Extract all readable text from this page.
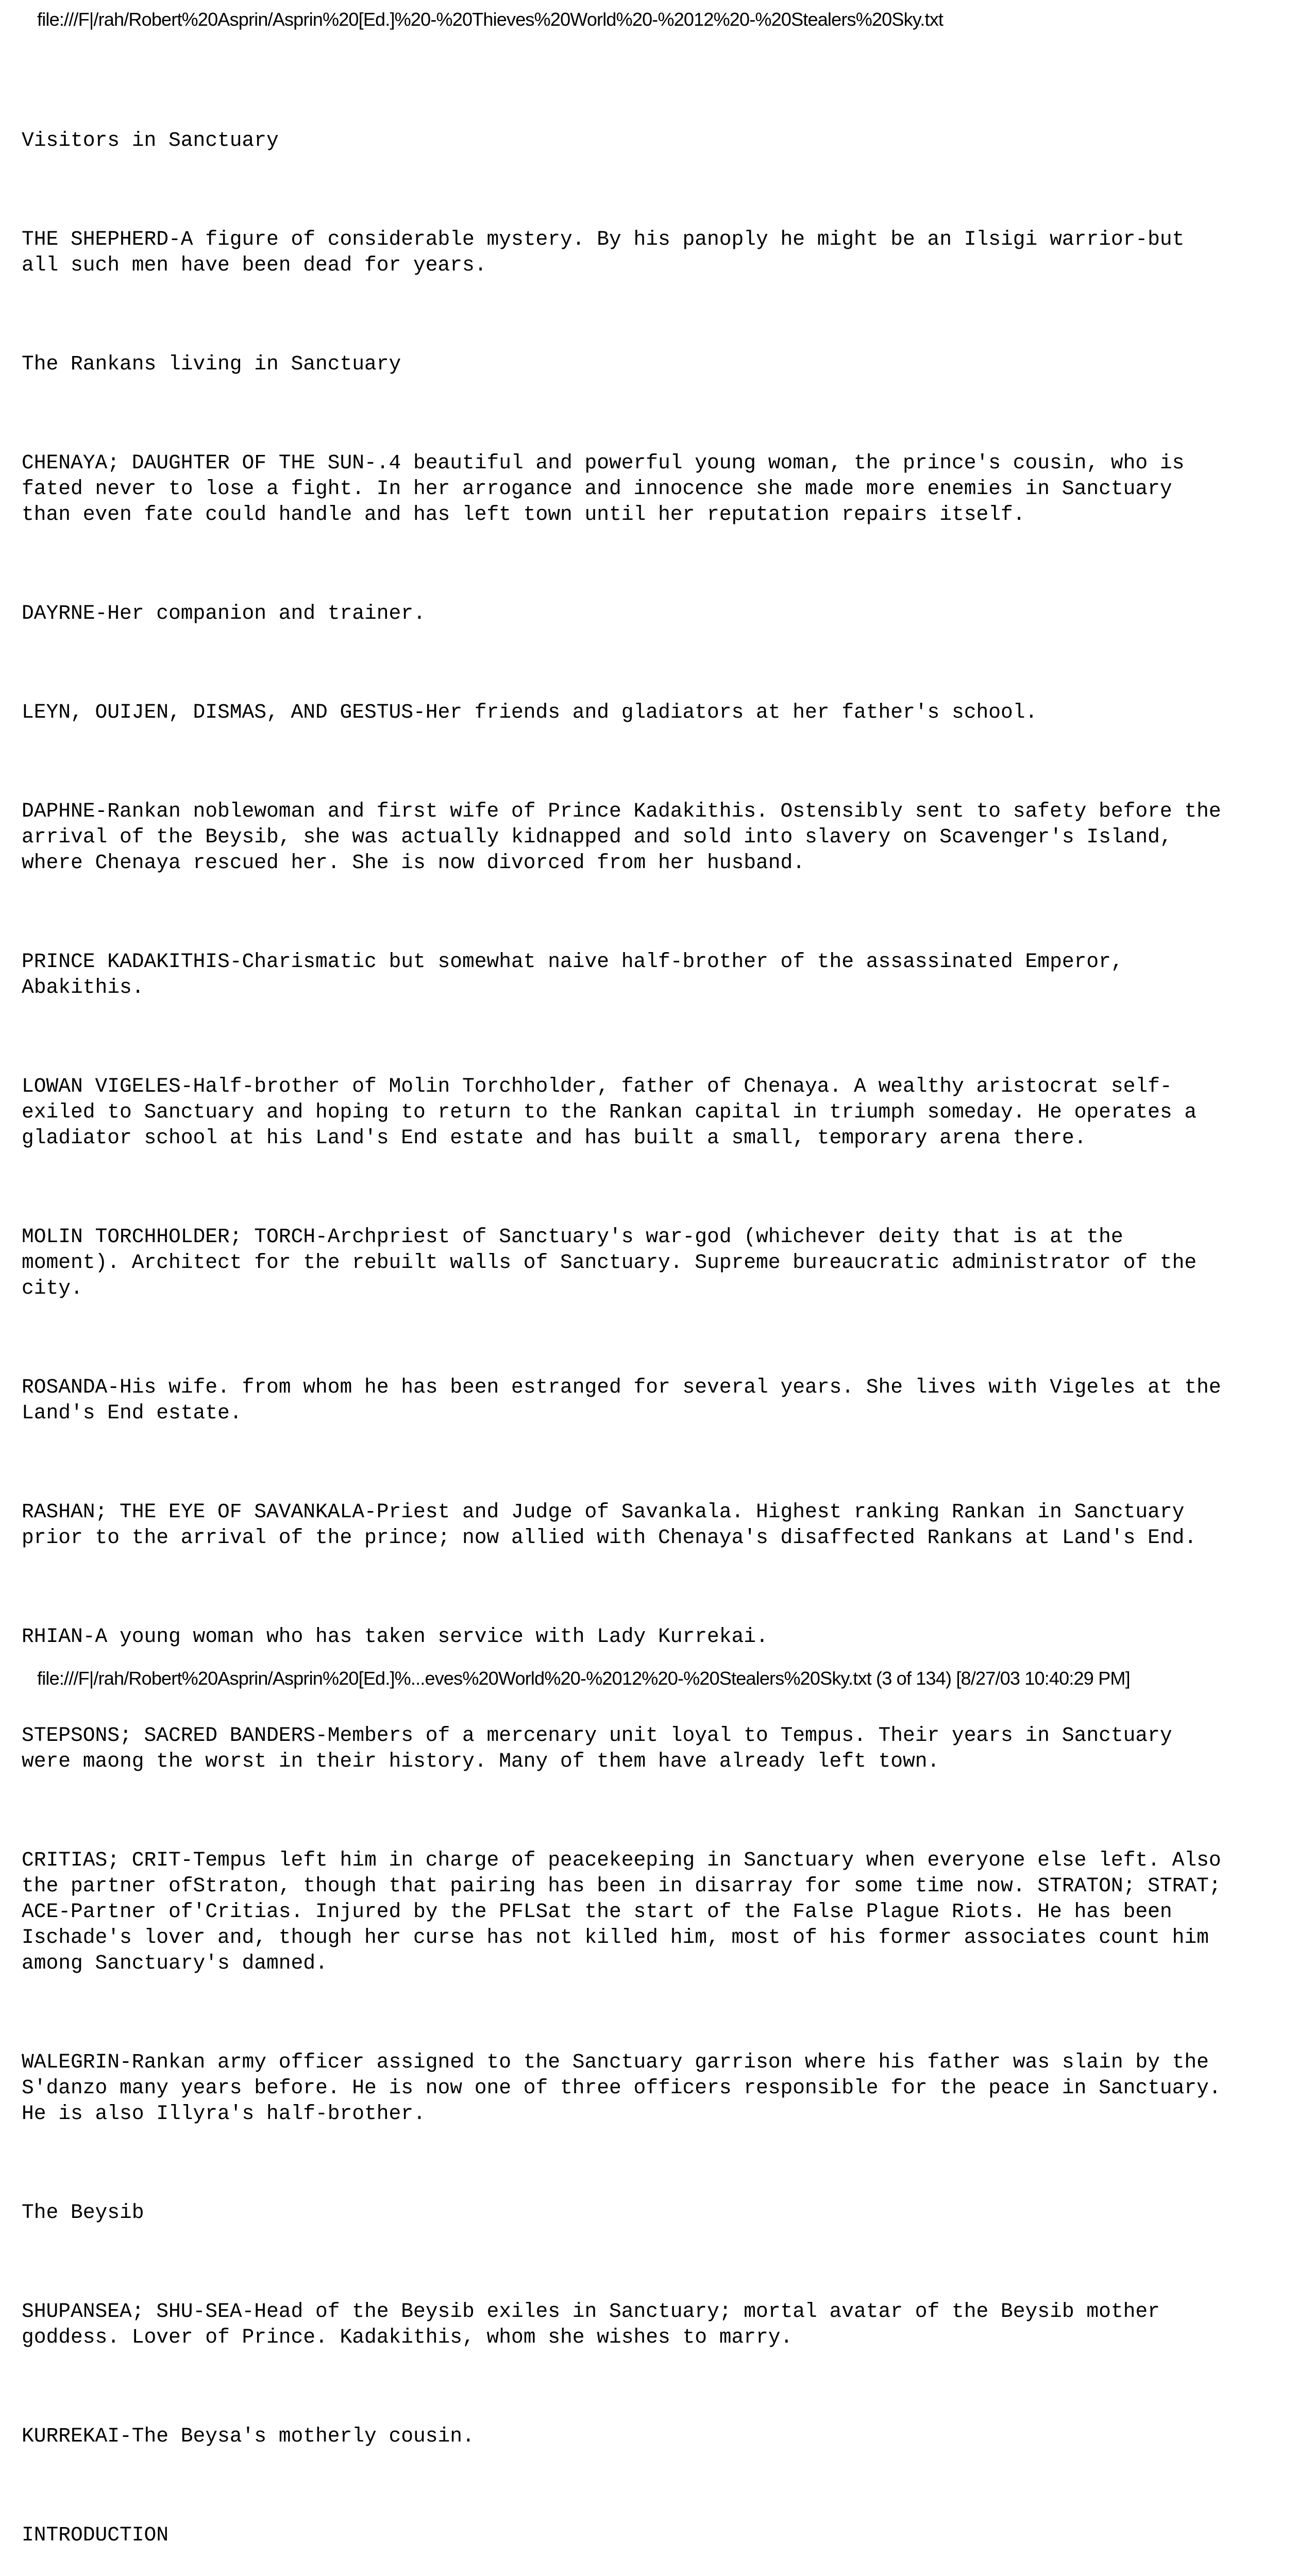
file:///F|/rah/Robert%20Asprin/Asprin%20[Ed.]%20-%20Thieves%20World%20-%2012%20-%20Stealers%20Sky.txt

Visitors in Sanctuary

THE SHEPHERD-A figure of considerable mystery. By his panoply he might be an Ilsigi warrior-but
all such men have been dead for years.

The Rankans living in Sanctuary

CHENAYA; DAUGHTER OF THE SUN-.4 beautiful and powerful young woman, the prince's cousin, who is
fated never to lose a fight. In her arrogance and innocence she made more enemies in Sanctuary
than even fate could handle and has left town until her reputation repairs itself.

DAYRNE-Her companion and trainer.

LEYN, OUIJEN, DISMAS, AND GESTUS-Her friends and gladiators at her father's school.

DAPHNE-Rankan noblewoman and first wife of Prince Kadakithis. Ostensibly sent to safety before the
arrival of the Beysib, she was actually kidnapped and sold into slavery on Scavenger's Island,
where Chenaya rescued her. She is now divorced from her husband.

PRINCE KADAKITHIS-Charismatic but somewhat naive half-brother of the assassinated Emperor,
Abakithis.

LOWAN VIGELES-Half-brother of Molin Torchholder, father of Chenaya. A wealthy aristocrat self-
exiled to Sanctuary and hoping to return to the Rankan capital in triumph someday. He operates a
gladiator school at his Land's End estate and has built a small, temporary arena there.

MOLIN TORCHHOLDER; TORCH-Archpriest of Sanctuary's war-god (whichever deity that is at the
moment). Architect for the rebuilt walls of Sanctuary. Supreme bureaucratic administrator of the
city.

ROSANDA-His wife. from whom he has been estranged for several years. She lives with Vigeles at the
Land's End estate.

RASHAN; THE EYE OF SAVANKALA-Priest and Judge of Savankala. Highest ranking Rankan in Sanctuary
prior to the arrival of the prince; now allied with Chenaya's disaffected Rankans at Land's End.

RHIAN-A young woman who has taken service with Lady Kurrekai.

STEPSONS; SACRED BANDERS-Members of a mercenary unit loyal to Tempus. Their years in Sanctuary
were maong the worst in their history. Many of them have already left town.

CRITIAS; CRIT-Tempus left him in charge of peacekeeping in Sanctuary when everyone else left. Also
the partner ofStraton, though that pairing has been in disarray for some time now. STRATON; STRAT;
ACE-Partner of'Critias. Injured by the PFLSat the start of the False Plague Riots. He has been
Ischade's lover and, though her curse has not killed him, most of his former associates count him
among Sanctuary's damned.

WALEGRIN-Rankan army officer assigned to the Sanctuary garrison where his father was slain by the
S'danzo many years before. He is now one of three officers responsible for the peace in Sanctuary.
He is also Illyra's half-brother.

The Beysib

SHUPANSEA; SHU-SEA-Head of the Beysib exiles in Sanctuary; mortal avatar of the Beysib mother
goddess. Lover of Prince. Kadakithis, whom she wishes to marry.

KURREKAI-The Beysa's motherly cousin.

INTRODUCTION

file:///F|/rah/Robert%20Asprin/Asprin%20[Ed.]%...eves%20World%20-%2012%20-%20Stealers%20Sky.txt (3 of 134) [8/27/03 10:40:29 PM]
